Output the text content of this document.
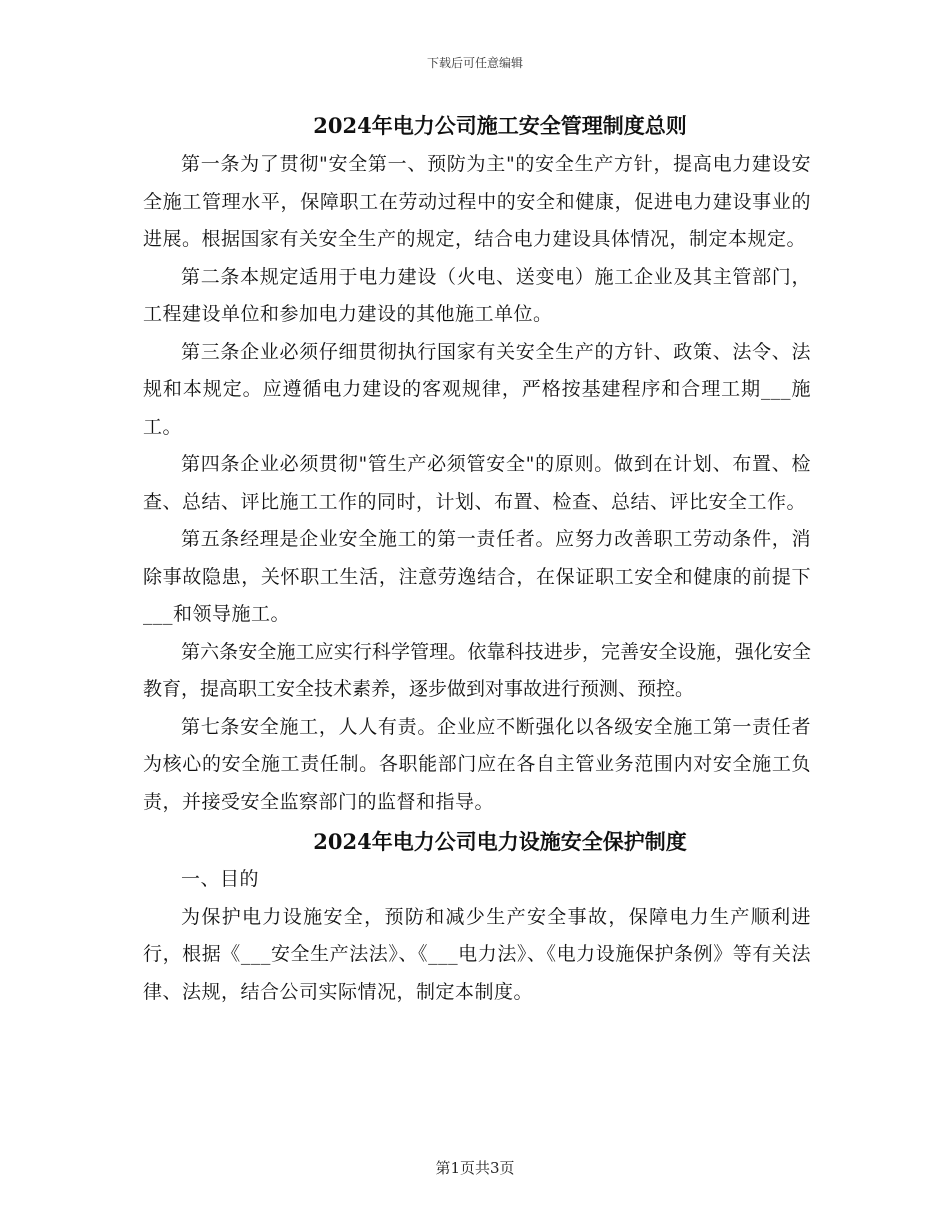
下载后可任意编辑
2024年电力公司施工安全管理制度总则

第一条为了贯彻"安全第一、预防为主"的安全生产方针，提高电力建设安全施工管理水平，保障职工在劳动过程中的安全和健康，促进电力建设事业的进展。根据国家有关安全生产的规定，结合电力建设具体情况，制定本规定。

第二条本规定适用于电力建设（火电、送变电）施工企业及其主管部门，工程建设单位和参加电力建设的其他施工单位。

第三条企业必须仔细贯彻执行国家有关安全生产的方针、政策、法令、法规和本规定。应遵循电力建设的客观规律，严格按基建程序和合理工期___施工。

第四条企业必须贯彻"管生产必须管安全"的原则。做到在计划、布置、检查、总结、评比施工工作的同时，计划、布置、检查、总结、评比安全工作。

第五条经理是企业安全施工的第一责任者。应努力改善职工劳动条件，消除事故隐患，关怀职工生活，注意劳逸结合，在保证职工安全和健康的前提下___和领导施工。

第六条安全施工应实行科学管理。依靠科技进步，完善安全设施，强化安全教育，提高职工安全技术素养，逐步做到对事故进行预测、预控。

第七条安全施工，人人有责。企业应不断强化以各级安全施工第一责任者为核心的安全施工责任制。各职能部门应在各自主管业务范围内对安全施工负责，并接受安全监察部门的监督和指导。

2024年电力公司电力设施安全保护制度

一、目的

为保护电力设施安全，预防和减少生产安全事故，保障电力生产顺利进行，根据《___安全生产法法》、《___电力法》、《电力设施保护条例》等有关法律、法规，结合公司实际情况，制定本制度。

第1页共3页
